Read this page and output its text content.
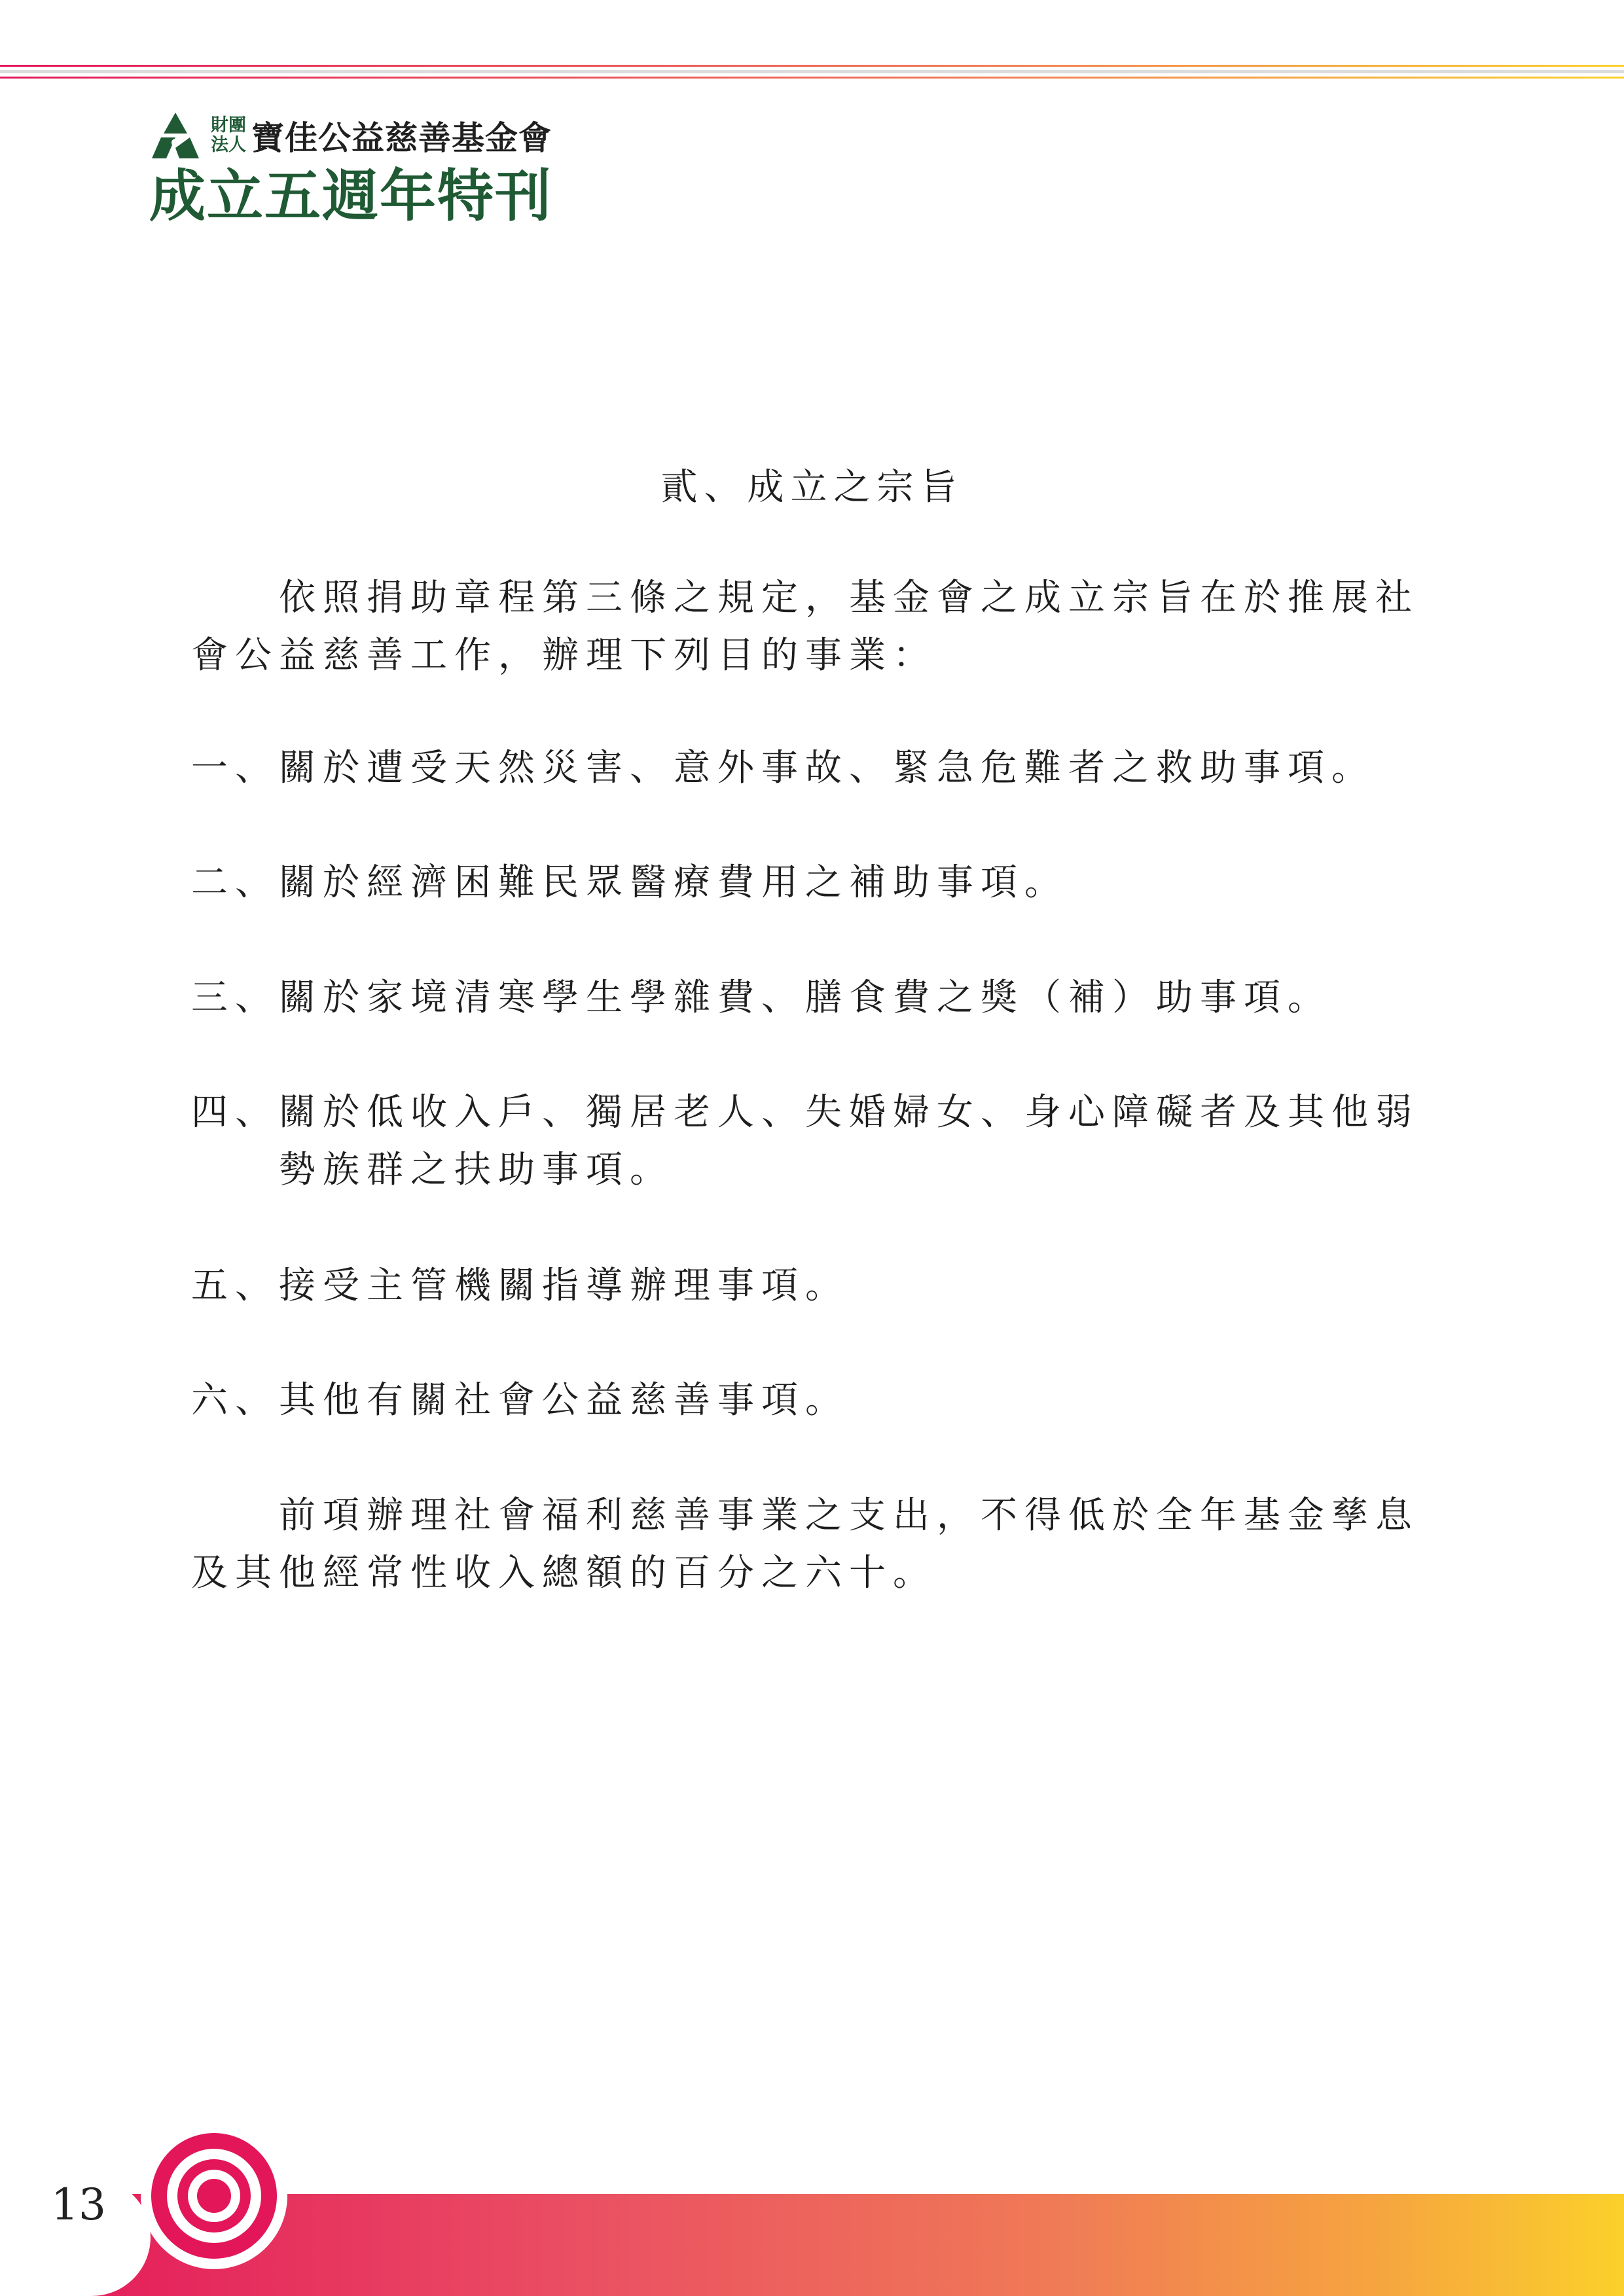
財團
法人 寶佳公益慈善基金會
成立五週年特刊
貳、成立之宗旨

依照捐助章程第三條之規定，基金會之成立宗旨在於推展社會公益慈善工作，辦理下列目的事業：

一、 關於遭受天然災害、意外事故、緊急危難者之救助事項。
二、 關於經濟困難民眾醫療費用之補助事項。
三、 關於家境清寒學生學雜費、膳食費之獎（補）助事項。
四、 關於低收入戶、獨居老人、失婚婦女、身心障礙者及其他弱勢族群之扶助事項。
五、 接受主管機關指導辦理事項。
六、 其他有關社會公益慈善事項。

前項辦理社會福利慈善事業之支出，不得低於全年基金孳息及其他經常性收入總額的百分之六十。

13
